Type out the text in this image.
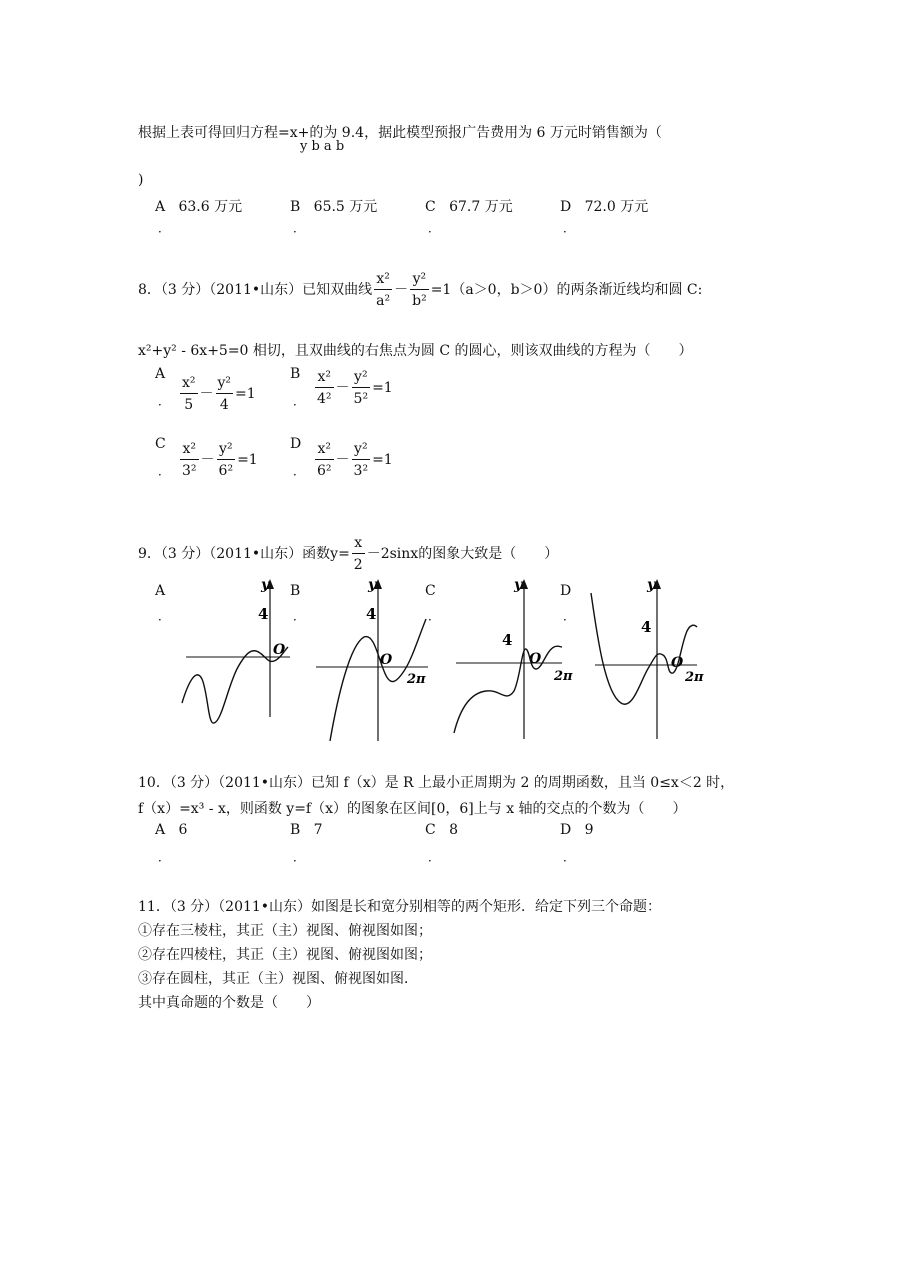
根据上表可得回归方程=x+的为 9.4，据此模型预报广告费用为 6 万元时销售额为（
y b a b
)
A 63.6 万元	B 65.5 万元	C 67.7 万元	D 72.0 万元
．	．	．	．
8．（3 分）（2011•山东）已知双曲线 $\frac{\text{x²}}{\text{a²}} - \frac{\text{y²}}{\text{b²}} =1(a>0$，b＞0）的两条渐近线均和圆 C:
x²+y² - 6x+5=0 相切，且双曲线的右焦点为圆 C 的圆心，则该双曲线的方程为（　　）
A
． $\frac{\text{x²}}{5} - \frac{\text{y²}}{4} =1$
B
． $\frac{\text{x²}}{\text{4²}} - \frac{\text{y²}}{\text{5²}} =1$
C
． $\frac{\text{x²}}{\text{3²}} - \frac{\text{y²}}{\text{6²}} =1$
D
． $\frac{\text{x²}}{\text{6²}} - \frac{\text{y²}}{\text{3²}} =1$
9．（3 分）（2011•山东）函数$y= \frac{x}{2} -2\sin x$的图象大致是（　　）
A
．
B
．
C
．
D
．
y
4
O
y
4
O
2π
y
4
O
2π
y
4
O
2π
10．（3 分）（2011•山东）已知 f（x）是 R 上最小正周期为 2 的周期函数，且当 0≤x＜2 时，
f（x）=x³ - x，则函数 y=f（x）的图象在区间[0，6]上与 x 轴的交点的个数为（　　）
A 6	B 7	C 8	D 9
．	．	．	．
11．（3 分）（2011•山东）如图是长和宽分别相等的两个矩形．给定下列三个命题：
①存在三棱柱，其正（主）视图、俯视图如图；
②存在四棱柱，其正（主）视图、俯视图如图；
③存在圆柱，其正（主）视图、俯视图如图．
其中真命题的个数是（　　）
